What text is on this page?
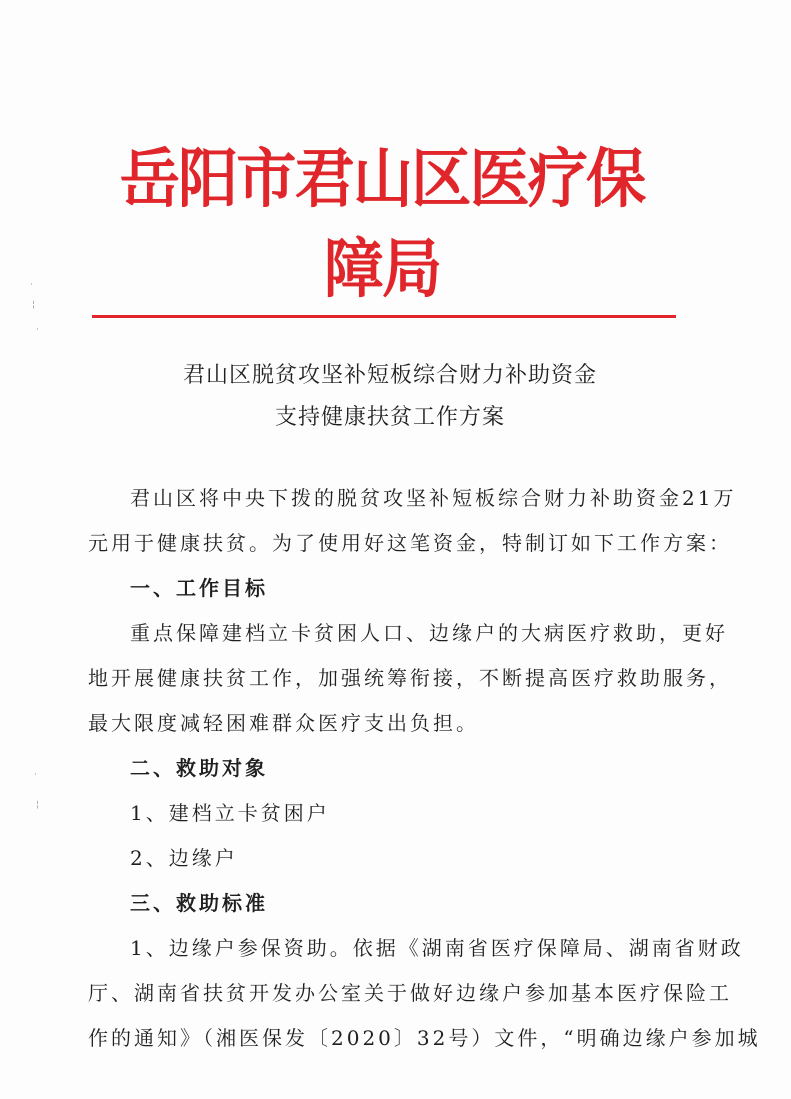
岳阳市君山区医疗保障局
君山区脱贫攻坚补短板综合财力补助资金
支持健康扶贫工作方案
君山区将中央下拨的脱贫攻坚补短板综合财力补助资金21万
元用于健康扶贫。为了使用好这笔资金，特制订如下工作方案：
一、工作目标
重点保障建档立卡贫困人口、边缘户的大病医疗救助，更好
地开展健康扶贫工作，加强统筹衔接，不断提高医疗救助服务，
最大限度减轻困难群众医疗支出负担。
二、救助对象
1、建档立卡贫困户
2、边缘户
三、救助标准
1、边缘户参保资助。依据《湖南省医疗保障局、湖南省财政
厅、湖南省扶贫开发办公室关于做好边缘户参加基本医疗保险工
作的通知》（湘医保发〔2020〕32号）文件，“明确边缘户参加城
·
¦
·
·
¦
